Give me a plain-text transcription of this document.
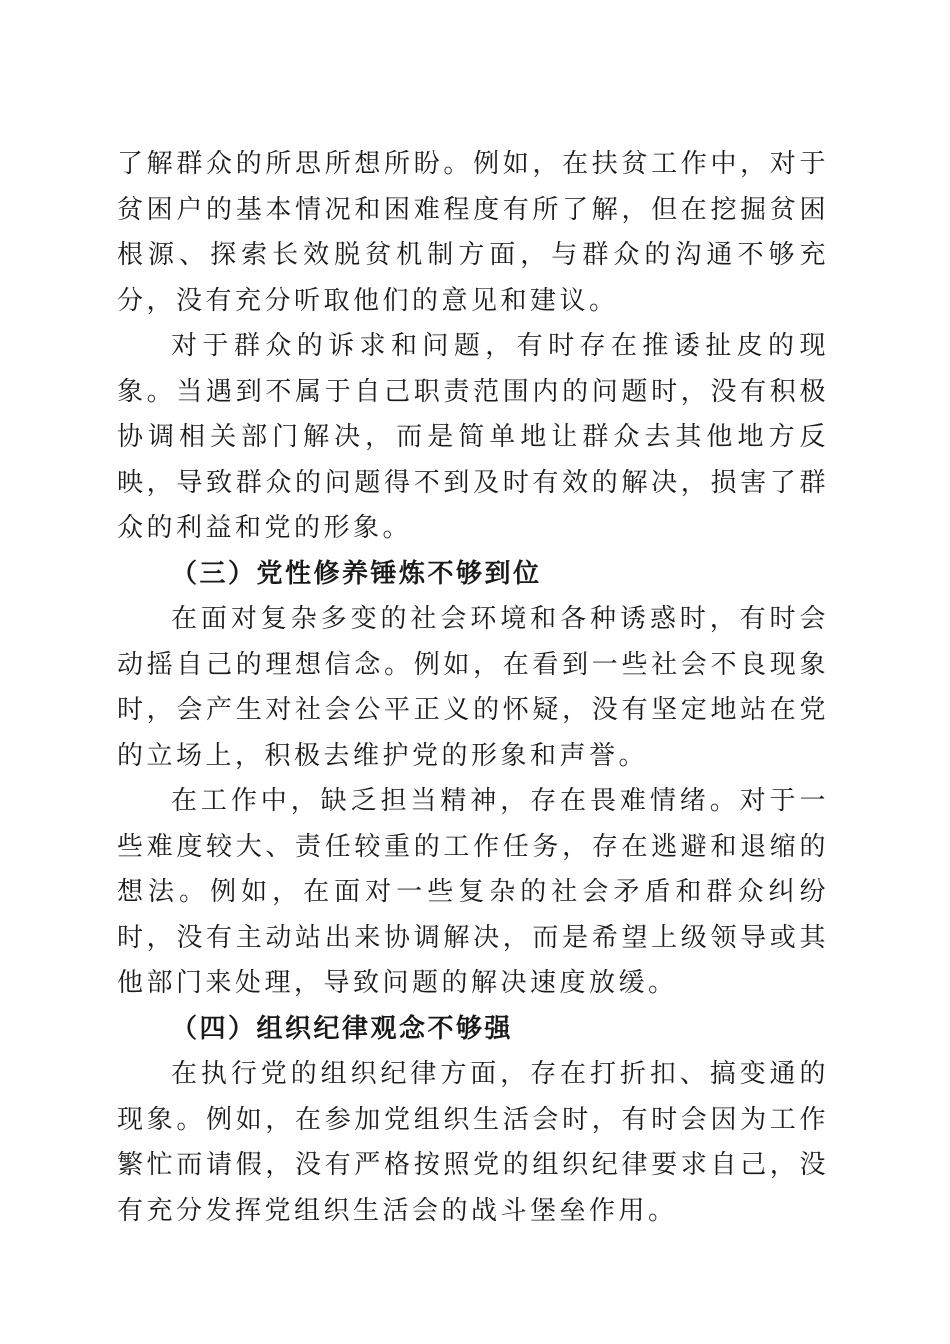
了解群众的所思所想所盼。例如，在扶贫工作中，对于贫困户的基本情况和困难程度有所了解，但在挖掘贫困根源、探索长效脱贫机制方面，与群众的沟通不够充分，没有充分听取他们的意见和建议。

对于群众的诉求和问题，有时存在推诿扯皮的现象。当遇到不属于自己职责范围内的问题时，没有积极协调相关部门解决，而是简单地让群众去其他地方反映，导致群众的问题得不到及时有效的解决，损害了群众的利益和党的形象。

（三）党性修养锤炼不够到位

在面对复杂多变的社会环境和各种诱惑时，有时会动摇自己的理想信念。例如，在看到一些社会不良现象时，会产生对社会公平正义的怀疑，没有坚定地站在党的立场上，积极去维护党的形象和声誉。

在工作中，缺乏担当精神，存在畏难情绪。对于一些难度较大、责任较重的工作任务，存在逃避和退缩的想法。例如，在面对一些复杂的社会矛盾和群众纠纷时，没有主动站出来协调解决，而是希望上级领导或其他部门来处理，导致问题的解决速度放缓。

（四）组织纪律观念不够强

在执行党的组织纪律方面，存在打折扣、搞变通的现象。例如，在参加党组织生活会时，有时会因为工作繁忙而请假，没有严格按照党的组织纪律要求自己，没有充分发挥党组织生活会的战斗堡垒作用。
